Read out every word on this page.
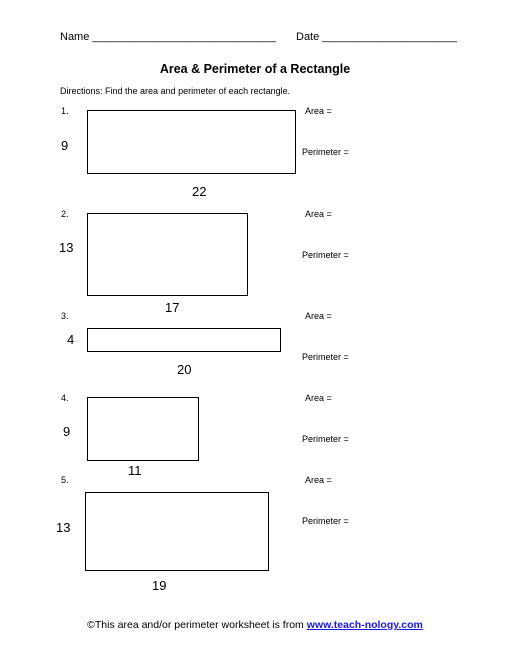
Name ______________________________ Date ______________________
Area & Perimeter of a Rectangle
Directions: Find the area and perimeter of each rectangle.
1.
9
22
Area =
Perimeter =
2.
13
17
Area =
Perimeter =
3.
4
20
Area =
Perimeter =
4.
9
11
Area =
Perimeter =
5.
13
19
Area =
Perimeter =
©This area and/or perimeter worksheet is from www.teach-nology.com
